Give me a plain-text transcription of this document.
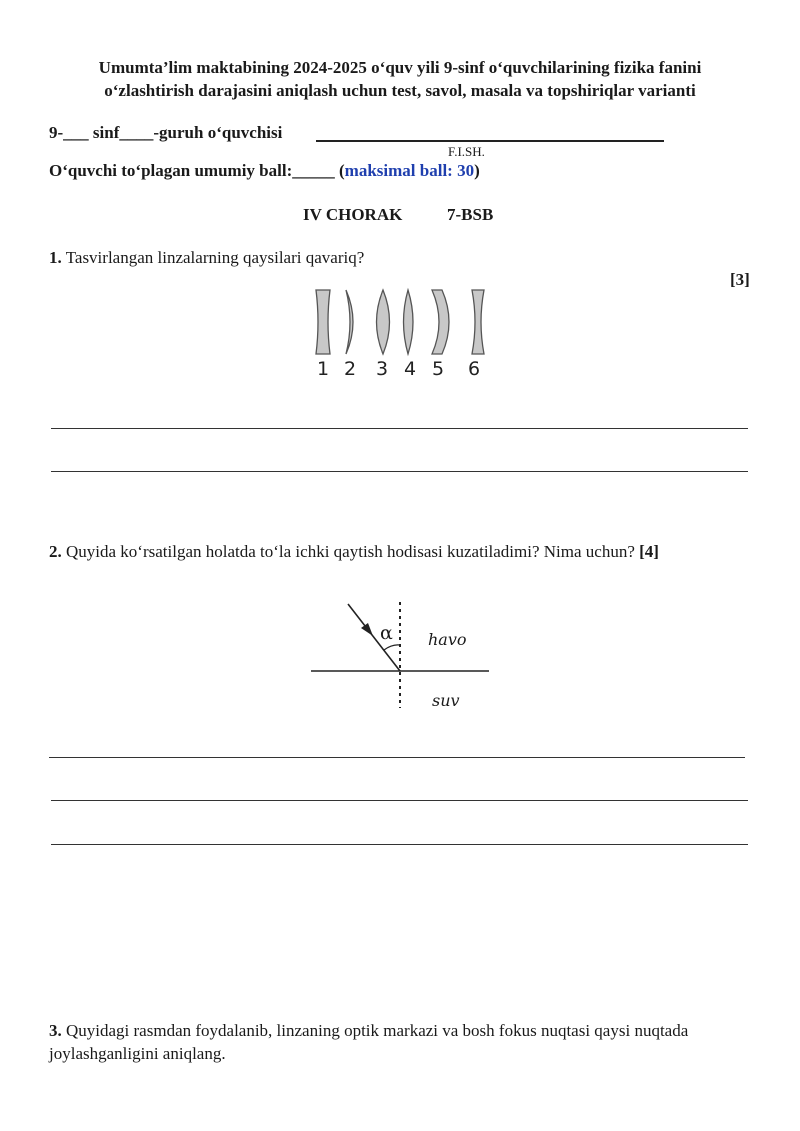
Umumta’lim maktabining 2024-2025 o‘quv yili 9-sinf o‘quvchilarining fizika fanini
o‘zlashtirish darajasini aniqlash uchun test, savol, masala va topshiriqlar varianti
9-___ sinf____-guruh o‘quvchisi
F.I.SH.
O‘quvchi to‘plagan umumiy ball:_____ (maksimal ball: 30)
IV CHORAK	7-BSB
1. Tasvirlangan linzalarning qaysilari qavariq?
[3]
1 2 3 4 5 6
2. Quyida ko‘rsatilgan holatda to‘la ichki qaytish hodisasi kuzatiladimi? Nima uchun? [4]
α havo
suv
3. Quyidagi rasmdan foydalanib, linzaning optik markazi va bosh fokus nuqtasi qaysi nuqtada
joylashganligini aniqlang.
